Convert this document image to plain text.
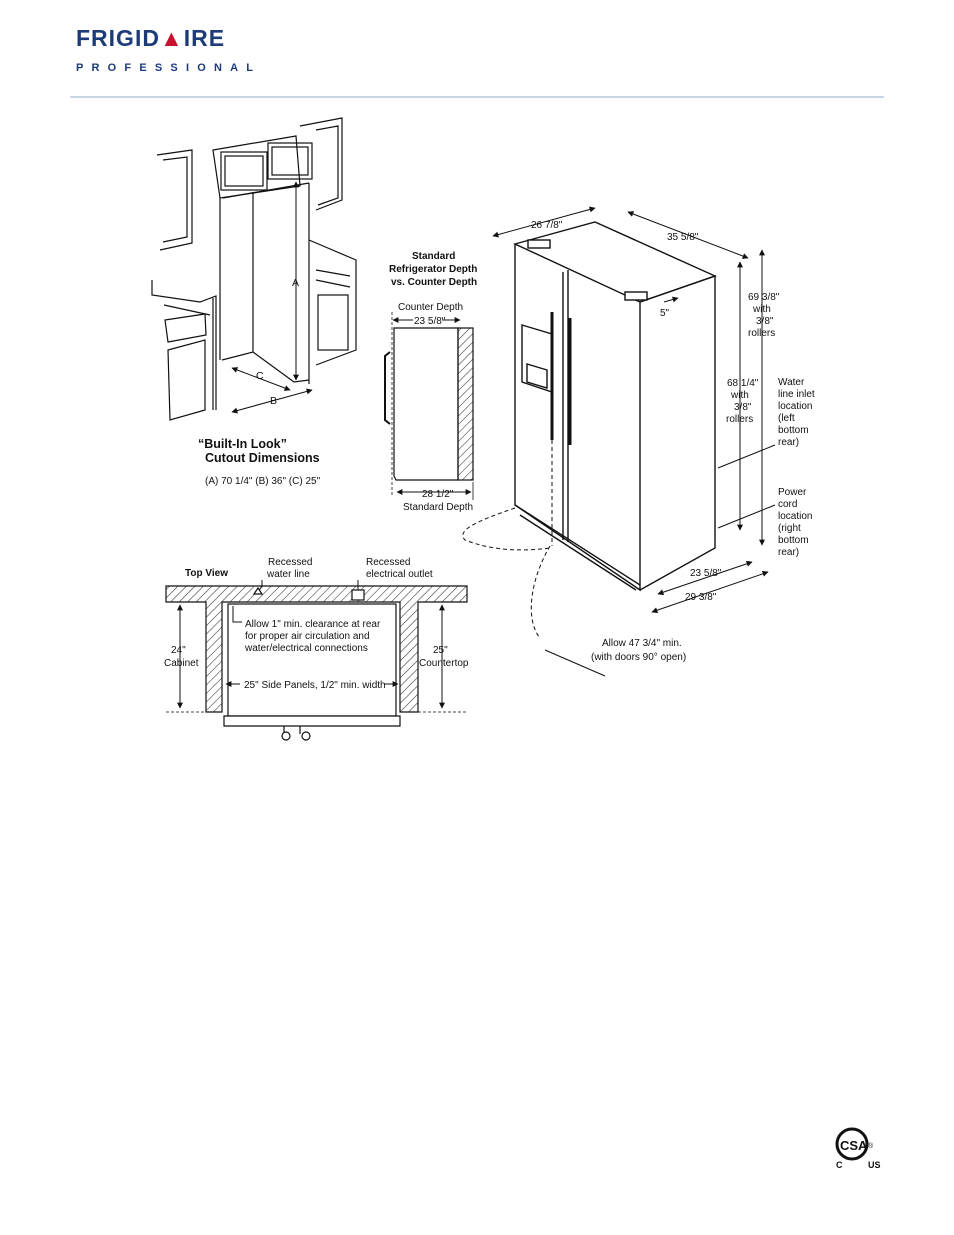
FRIGID▲IRE
PROFESSIONAL
A
C
B
“Built-In Look”
Cutout Dimensions
(A) 70 1/4" (B) 36" (C) 25"
Standard
Refrigerator Depth
vs. Counter Depth
Counter Depth
23 5/8"
28 1/2"
Standard Depth
26 7/8"
35 5/8"
5"
69 3/8"
with
3/8"
rollers
68 1/4"
with
3/8"
rollers
Water
line inlet
location
(left
bottom
rear)
Power
cord
location
(right
bottom
rear)
23 5/8"
29 3/8"
Allow 47 3/4" min.
(with doors 90° open)
Top View
Recessed
water line
Recessed
electrical outlet
Allow 1" min. clearance at rear
for proper air circulation and
water/electrical connections
24"
Cabinet
25"
Countertop
25" Side Panels, 1/2" min. width
CSA ®
C	US
